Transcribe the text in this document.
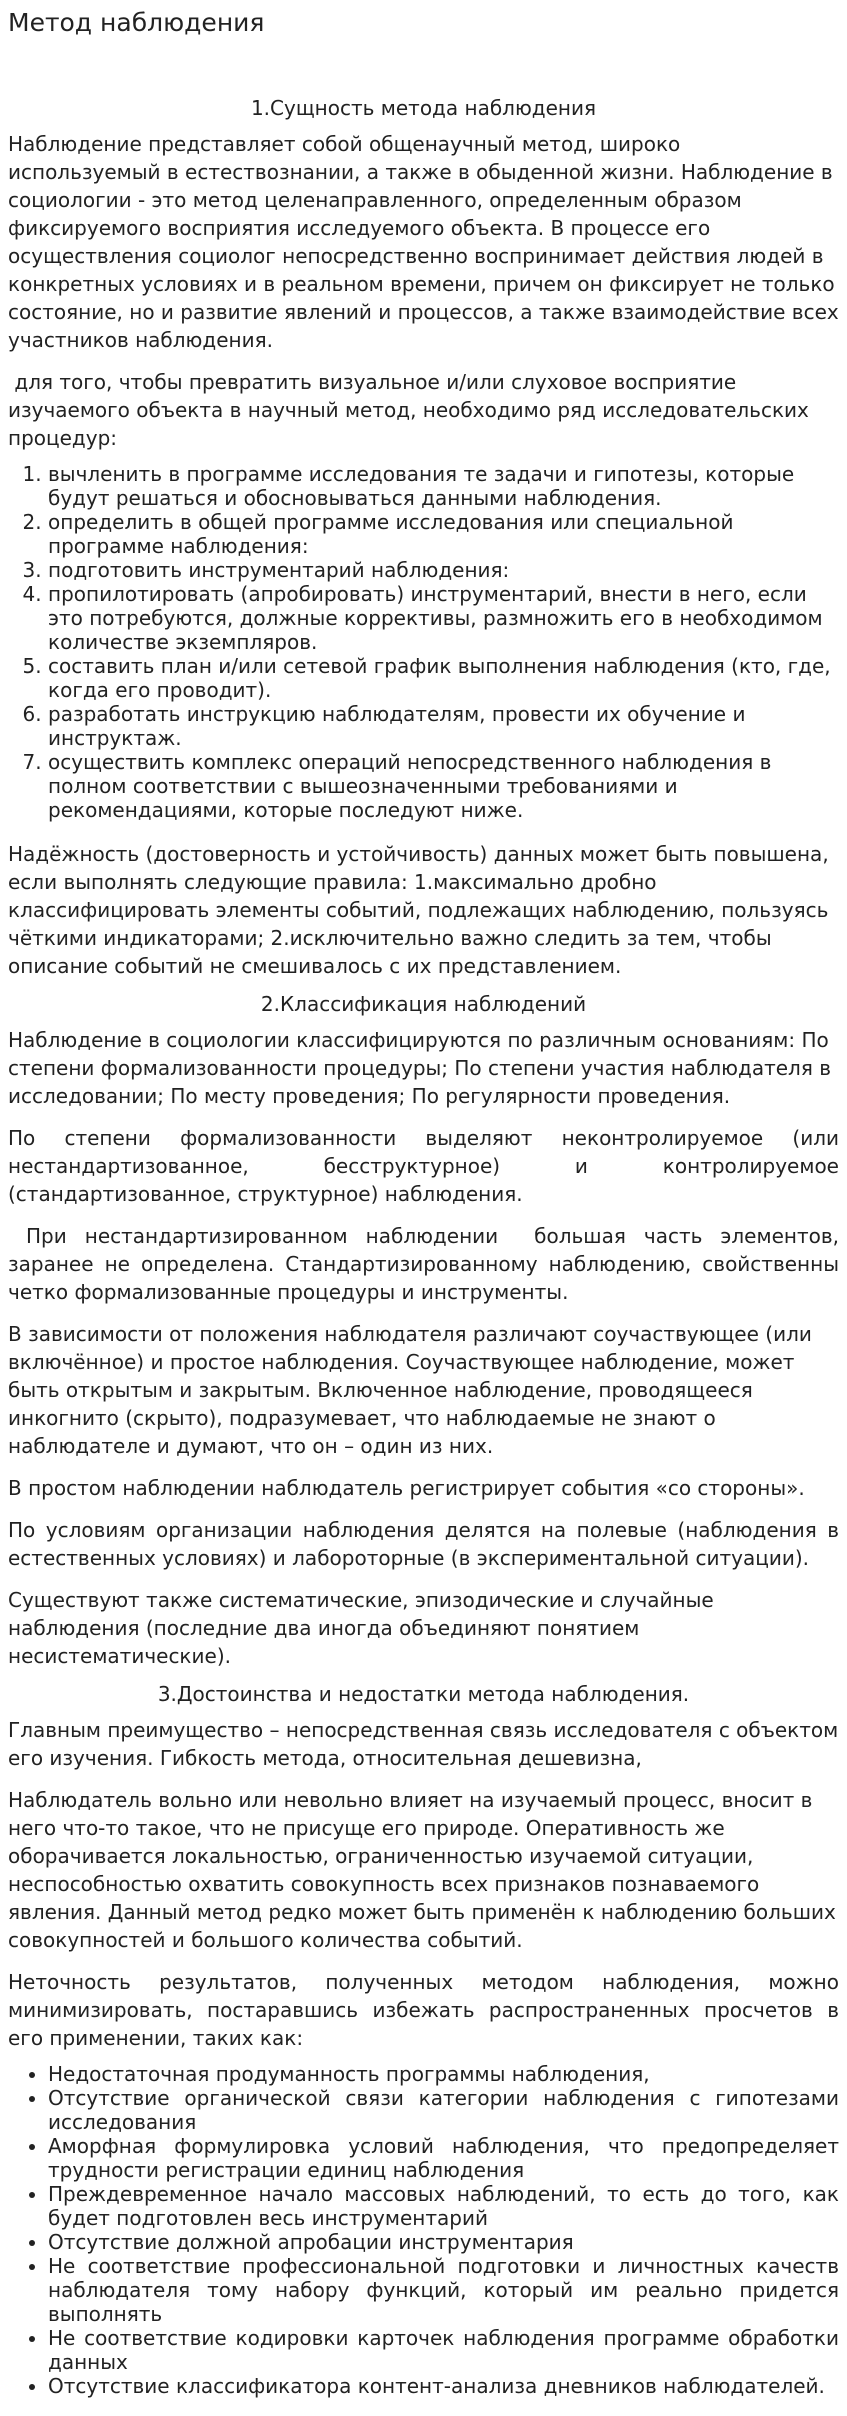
Метод наблюдения
1.Сущность метода наблюдения

Наблюдение представляет собой общенаучный метод, широко используемый в естествознании, а также в обыденной жизни. Наблюдение в социологии - это метод целенаправленного, определенным образом фиксируемого восприятия исследуемого объекта. В процессе его осуществления социолог непосредственно воспринимает действия людей в конкретных условиях и в реальном времени, причем он фиксирует не только состояние, но и развитие явлений и процессов, а также взаимодействие всех участников наблюдения.

для того, чтобы превратить визуальное и/или слуховое восприятие изучаемого объекта в научный метод, необходимо ряд исследовательских процедур:

1. вычленить в программе исследования те задачи и гипотезы, которые будут решаться и обосновываться данными наблюдения.
2. определить в общей программе исследования или специальной программе наблюдения:
3. подготовить инструментарий наблюдения:
4. пропилотировать (апробировать) инструментарий, внести в него, если это потребуются, должные коррективы, размножить его в необходимом количестве экземпляров.
5. составить план и/или сетевой график выполнения наблюдения (кто, где, когда его проводит).
6. разработать инструкцию наблюдателям, провести их обучение и инструктаж.
7. осуществить комплекс операций непосредственного наблюдения в полном соответствии с вышеозначенными требованиями и рекомендациями, которые последуют ниже.

Надёжность (достоверность и устойчивость) данных может быть повышена, если выполнять следующие правила: 1.максимально дробно классифицировать элементы событий, подлежащих наблюдению, пользуясь чёткими индикаторами; 2.исключительно важно следить за тем, чтобы описание событий не смешивалось с их представлением.

2.Классификация наблюдений

Наблюдение в социологии классифицируются по различным основаниям: По степени формализованности процедуры; По степени участия наблюдателя в исследовании; По месту проведения; По регулярности проведения.

По степени формализованности выделяют неконтролируемое (или нестандартизованное, бесструктурное) и контролируемое (стандартизованное, структурное) наблюдения.

При нестандартизированном наблюдении  большая часть элементов, заранее не определена. Стандартизированному наблюдению, свойственны четко формализованные процедуры и инструменты.

В зависимости от положения наблюдателя различают соучаствующее (или включённое) и простое наблюдения. Соучаствующее наблюдение, может быть открытым и закрытым. Включенное наблюдение, проводящееся инкогнито (скрыто), подразумевает, что наблюдаемые не знают о наблюдателе и думают, что он – один из них.

В простом наблюдении наблюдатель регистрирует события «со стороны».

По условиям организации наблюдения делятся на полевые (наблюдения в естественных условиях) и лабороторные (в экспериментальной ситуации).

Существуют также систематические, эпизодические и случайные наблюдения (последние два иногда объединяют понятием несистематические).

3.Достоинства и недостатки метода наблюдения.

Главным преимущество – непосредственная связь исследователя с объектом его изучения. Гибкость метода, относительная дешевизна,

Наблюдатель вольно или невольно влияет на изучаемый процесс, вносит в него что-то такое, что не присуще его природе. Оперативность же оборачивается локальностью, ограниченностью изучаемой ситуации, неспособностью охватить совокупность всех признаков познаваемого явления. Данный метод редко может быть применён к наблюдению больших совокупностей и большого количества событий.

Неточность результатов, полученных методом наблюдения, можно минимизировать, постаравшись избежать распространенных просчетов в его применении, таких как:

• Недостаточная продуманность программы наблюдения,
• Отсутствие органической связи категории наблюдения с гипотезами исследования
• Аморфная формулировка условий наблюдения, что предопределяет трудности регистрации единиц наблюдения
• Преждевременное начало массовых наблюдений, то есть до того, как будет подготовлен весь инструментарий
• Отсутствие должной апробации инструментария
• Не соответствие профессиональной подготовки и личностных качеств наблюдателя тому набору функций, который им реально придется выполнять
• Не соответствие кодировки карточек наблюдения программе обработки данных
• Отсутствие классификатора контент-анализа дневников наблюдателей.
